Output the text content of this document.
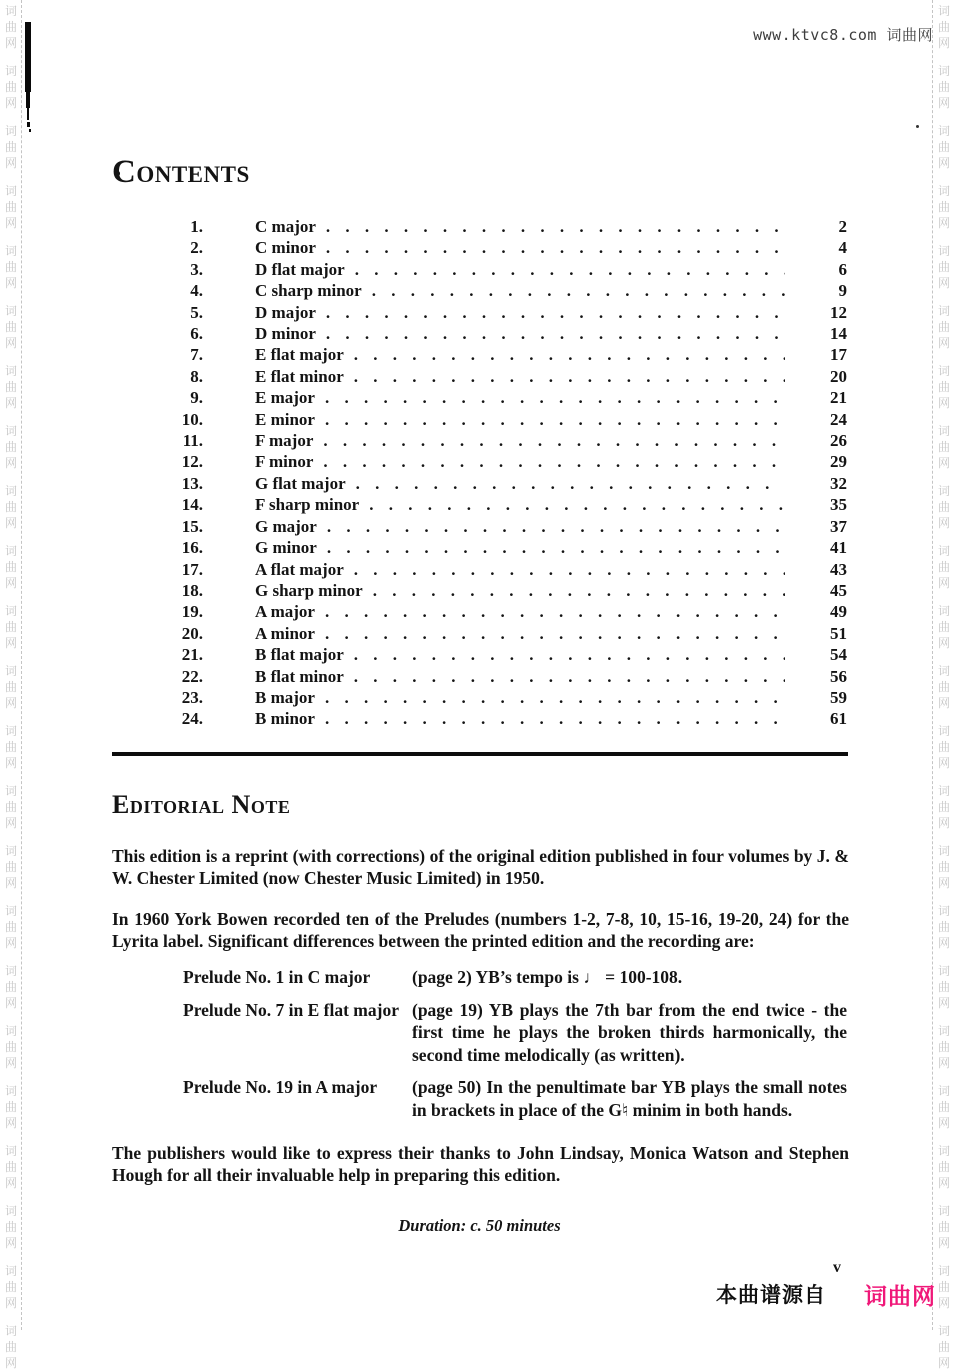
词
曲
网
词
曲
网
词
曲
网
词
曲
网
词
曲
网
词
曲
网
词
曲
网
词
曲
网
词
曲
网
词
曲
网
词
曲
网
词
曲
网
词
曲
网
词
曲
网
词
曲
网
词
曲
网
词
曲
网
词
曲
网
词
曲
网
词
曲
网
词
曲
网
词
曲
网
词
曲
网
词
曲
网
词
曲
网
词
曲
网
词
曲
网
词
曲
网
词
曲
网
词
曲
网
词
曲
网
词
曲
网
词
曲
网
词
曲
网
词
曲
网
词
曲
网
词
曲
网
词
曲
网
词
曲
网
词
曲
网
词
曲
网
词
曲
网
词
曲
网
词
曲
网
词
曲
网
词
曲
网
www.ktvc8.com 词曲网
Contents
1.	C major . . .	2
2.	C minor . . .	4
3.	D flat major . . .	6
4.	C sharp minor . . .	9
5.	D major . . .	12
6.	D minor . . .	14
7.	E flat major . . .	17
8.	E flat minor . . .	20
9.	E major . . .	21
10.	E minor . . .	24
11.	F major . . .	26
12.	F minor . . .	29
13.	G flat major . . .	32
14.	F sharp minor . . .	35
15.	G major . . .	37
16.	G minor . . .	41
17.	A flat major . . .	43
18.	G sharp minor . . .	45
19.	A major . . .	49
20.	A minor . . .	51
21.	B flat major . . .	54
22.	B flat minor . . .	56
23.	B major . . .	59
24.	B minor . . .	61
Editorial Note

This edition is a reprint (with corrections) of the original edition published in four volumes by J. & W. Chester Limited (now Chester Music Limited) in 1950.

In 1960 York Bowen recorded ten of the Preludes (numbers 1-2, 7-8, 10, 15-16, 19-20, 24) for the Lyrita label. Significant differences between the printed edition and the recording are:

Prelude No. 1 in C major	(page 2) YB’s tempo is ♩ = 100-108.
Prelude No. 7 in E flat major (page 19) YB plays the 7th bar from the end twice - the first time he plays the broken thirds harmonically, the second time melodically (as written).
Prelude No. 19 in A major	(page 50) In the penultimate bar YB plays the small notes in brackets in place of the G♮ minim in both hands.

The publishers would like to express their thanks to John Lindsay, Monica Watson and Stephen Hough for all their invaluable help in preparing this edition.

Duration: c. 50 minutes
本曲谱源自
v
词曲网
